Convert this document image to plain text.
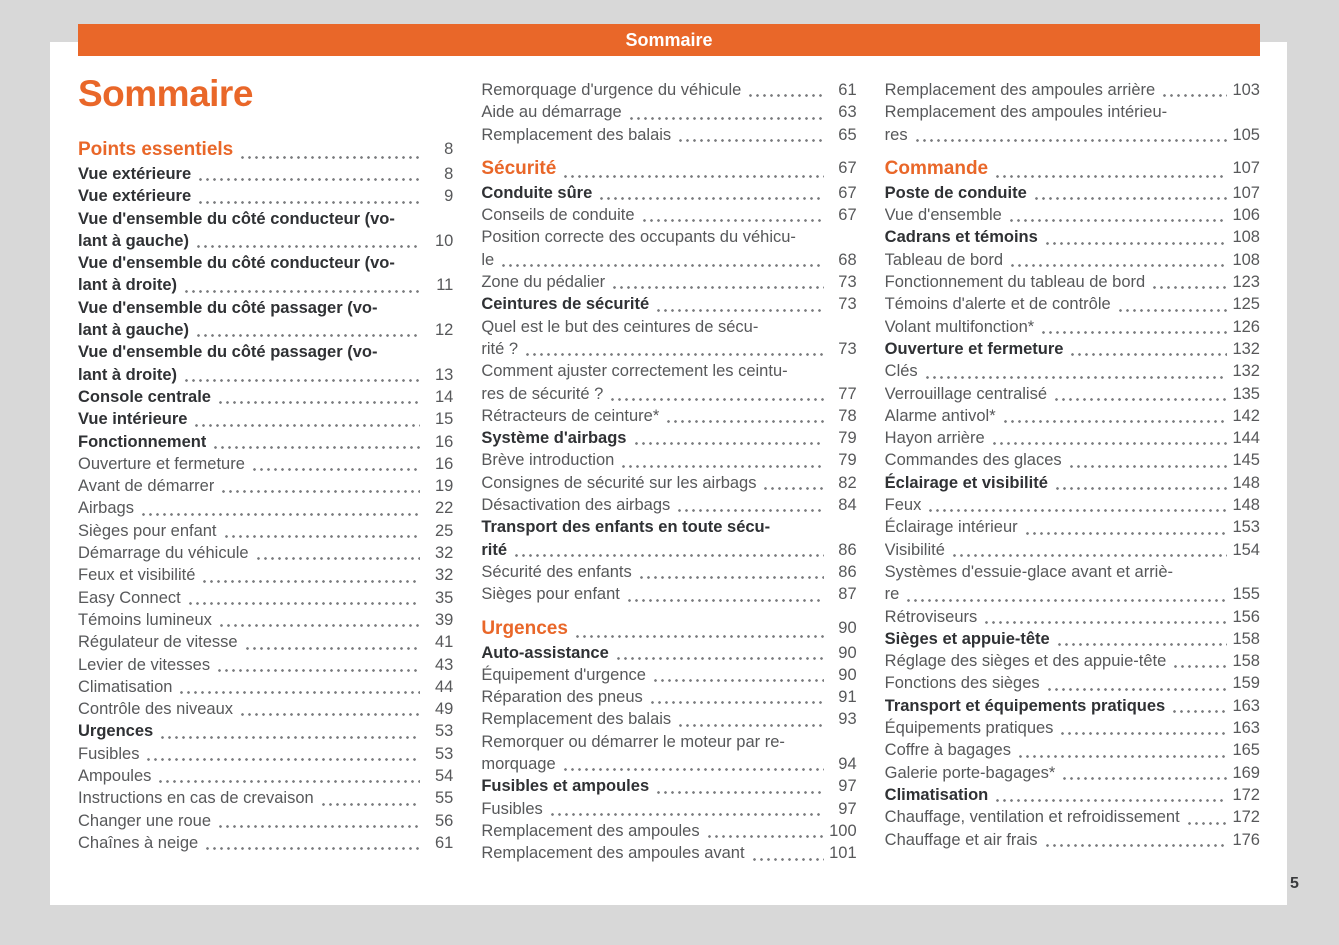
Sommaire
Sommaire
Points essentiels	8
Vue extérieure	8
Vue extérieure	9
Vue d'ensemble du côté conducteur (vo-
lant à gauche)	10
Vue d'ensemble du côté conducteur (vo-
lant à droite)	11
Vue d'ensemble du côté passager (vo-
lant à gauche)	12
Vue d'ensemble du côté passager (vo-
lant à droite)	13
Console centrale	14
Vue intérieure	15
Fonctionnement	16
Ouverture et fermeture	16
Avant de démarrer	19
Airbags	22
Sièges pour enfant	25
Démarrage du véhicule	32
Feux et visibilité	32
Easy Connect	35
Témoins lumineux	39
Régulateur de vitesse	41
Levier de vitesses	43
Climatisation	44
Contrôle des niveaux	49
Urgences	53
Fusibles	53
Ampoules	54
Instructions en cas de crevaison	55
Changer une roue	56
Chaînes à neige	61
Remorquage d'urgence du véhicule	61
Aide au démarrage	63
Remplacement des balais	65
Sécurité	67
Conduite sûre	67
Conseils de conduite	67
Position correcte des occupants du véhicu-
le	68
Zone du pédalier	73
Ceintures de sécurité	73
Quel est le but des ceintures de sécu-
rité ?	73
Comment ajuster correctement les ceintu-
res de sécurité ?	77
Rétracteurs de ceinture*	78
Système d'airbags	79
Brève introduction	79
Consignes de sécurité sur les airbags	82
Désactivation des airbags	84
Transport des enfants en toute sécu-
rité	86
Sécurité des enfants	86
Sièges pour enfant	87
Urgences	90
Auto-assistance	90
Équipement d'urgence	90
Réparation des pneus	91
Remplacement des balais	93
Remorquer ou démarrer le moteur par re-
morquage	94
Fusibles et ampoules	97
Fusibles	97
Remplacement des ampoules	100
Remplacement des ampoules avant	101
Remplacement des ampoules arrière	103
Remplacement des ampoules intérieu-
res	105
Commande	107
Poste de conduite	107
Vue d'ensemble	106
Cadrans et témoins	108
Tableau de bord	108
Fonctionnement du tableau de bord	123
Témoins d'alerte et de contrôle	125
Volant multifonction*	126
Ouverture et fermeture	132
Clés	132
Verrouillage centralisé	135
Alarme antivol*	142
Hayon arrière	144
Commandes des glaces	145
Éclairage et visibilité	148
Feux	148
Éclairage intérieur	153
Visibilité	154
Systèmes d'essuie-glace avant et arriè-
re	155
Rétroviseurs	156
Sièges et appuie-tête	158
Réglage des sièges et des appuie-tête	158
Fonctions des sièges	159
Transport et équipements pratiques	163
Équipements pratiques	163
Coffre à bagages	165
Galerie porte-bagages*	169
Climatisation	172
Chauffage, ventilation et refroidissement	172
Chauffage et air frais	176
5
